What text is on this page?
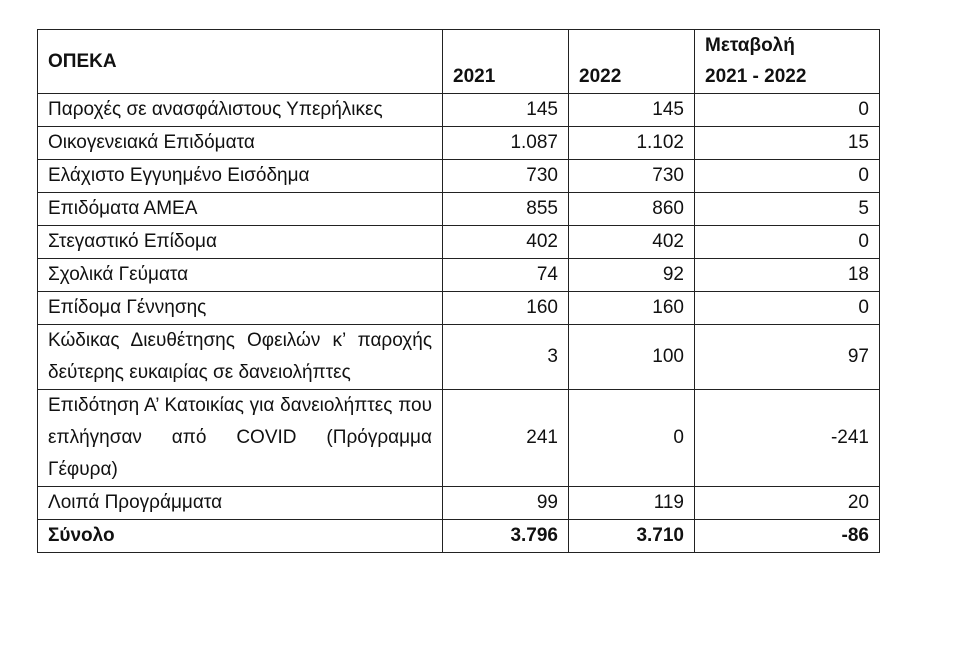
ΟΠΕΚΑ	2021	2022	Μεταβολή
2021 - 2022

Παροχές σε ανασφάλιστους Υπερήλικες	145	145	0
Οικογενειακά Επιδόματα	1.087	1.102	15
Ελάχιστο Εγγυημένο Εισόδημα	730	730	0
Επιδόματα ΑΜΕΑ	855	860	5
Στεγαστικό Επίδομα	402	402	0
Σχολικά Γεύματα	74	92	18
Επίδομα Γέννησης	160	160	0
Κώδικας Διευθέτησης Οφειλών κ’ παροχής δεύτερης ευκαιρίας σε δανειολήπτες	3	100	97
Επιδότηση Α’ Κατοικίας για δανειολήπτες που επλήγησαν από COVID (Πρόγραμμα Γέφυρα)	241	0	-241
Λοιπά Προγράμματα	99	119	20
Σύνολο	3.796	3.710	-86
